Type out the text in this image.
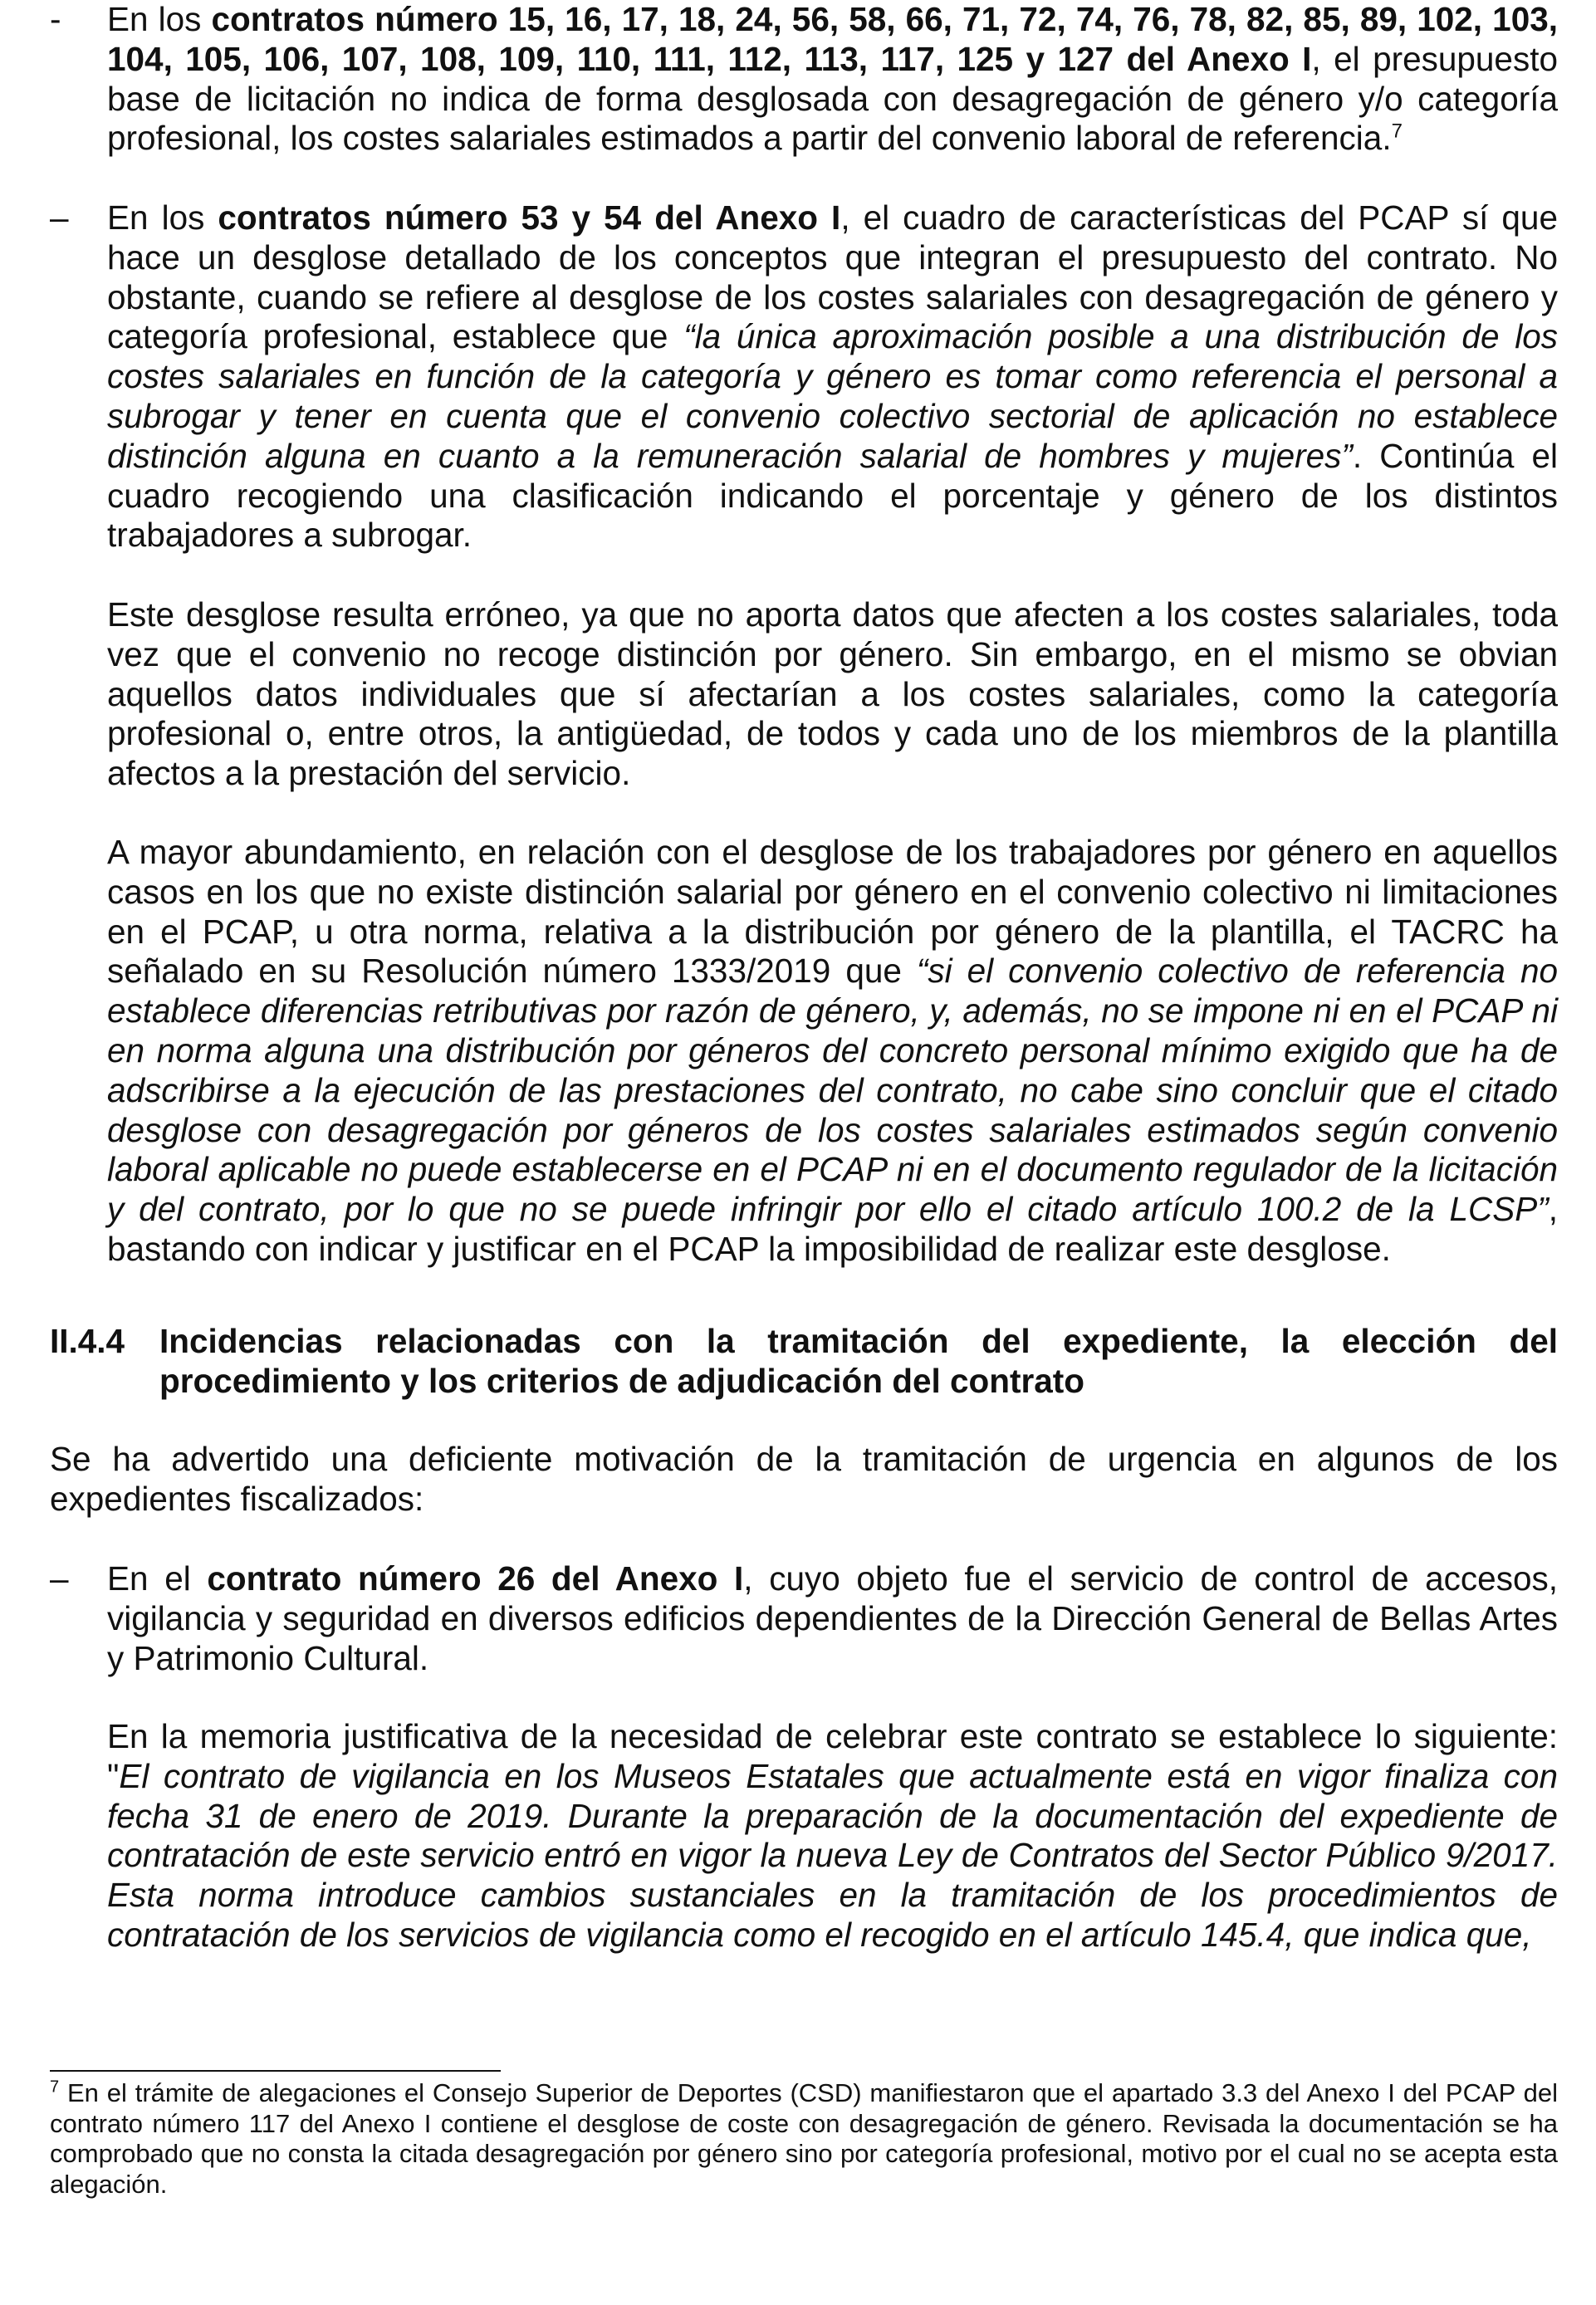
- En los contratos número 15, 16, 17, 18, 24, 56, 58, 66, 71, 72, 74, 76, 78, 82, 85, 89, 102, 103, 104, 105, 106, 107, 108, 109, 110, 111, 112, 113, 117, 125 y 127 del Anexo I, el presupuesto base de licitación no indica de forma desglosada con desagregación de género y/o categoría profesional, los costes salariales estimados a partir del convenio laboral de referencia.$^7$

– En los contratos número 53 y 54 del Anexo I, el cuadro de características del PCAP sí que hace un desglose detallado de los conceptos que integran el presupuesto del contrato. No obstante, cuando se refiere al desglose de los costes salariales con desagregación de género y categoría profesional, establece que “la única aproximación posible a una distribución de los costes salariales en función de la categoría y género es tomar como referencia el personal a subrogar y tener en cuenta que el convenio colectivo sectorial de aplicación no establece distinción alguna en cuanto a la remuneración salarial de hombres y mujeres”. Continúa el cuadro recogiendo una clasificación indicando el porcentaje y género de los distintos trabajadores a subrogar.

Este desglose resulta erróneo, ya que no aporta datos que afecten a los costes salariales, toda vez que el convenio no recoge distinción por género. Sin embargo, en el mismo se obvian aquellos datos individuales que sí afectarían a los costes salariales, como la categoría profesional o, entre otros, la antigüedad, de todos y cada uno de los miembros de la plantilla afectos a la prestación del servicio.

A mayor abundamiento, en relación con el desglose de los trabajadores por género en aquellos casos en los que no existe distinción salarial por género en el convenio colectivo ni limitaciones en el PCAP, u otra norma, relativa a la distribución por género de la plantilla, el TACRC ha señalado en su Resolución número 1333/2019 que “si el convenio colectivo de referencia no establece diferencias retributivas por razón de género, y, además, no se impone ni en el PCAP ni en norma alguna una distribución por géneros del concreto personal mínimo exigido que ha de adscribirse a la ejecución de las prestaciones del contrato, no cabe sino concluir que el citado desglose con desagregación por géneros de los costes salariales estimados según convenio laboral aplicable no puede establecerse en el PCAP ni en el documento regulador de la licitación y del contrato, por lo que no se puede infringir por ello el citado artículo 100.2 de la LCSP”, bastando con indicar y justificar en el PCAP la imposibilidad de realizar este desglose.

II.4.4 Incidencias relacionadas con la tramitación del expediente, la elección del procedimiento y los criterios de adjudicación del contrato

Se ha advertido una deficiente motivación de la tramitación de urgencia en algunos de los expedientes fiscalizados:

– En el contrato número 26 del Anexo I, cuyo objeto fue el servicio de control de accesos, vigilancia y seguridad en diversos edificios dependientes de la Dirección General de Bellas Artes y Patrimonio Cultural.

En la memoria justificativa de la necesidad de celebrar este contrato se establece lo siguiente: "El contrato de vigilancia en los Museos Estatales que actualmente está en vigor finaliza con fecha 31 de enero de 2019. Durante la preparación de la documentación del expediente de contratación de este servicio entró en vigor la nueva Ley de Contratos del Sector Público 9/2017. Esta norma introduce cambios sustanciales en la tramitación de los procedimientos de contratación de los servicios de vigilancia como el recogido en el artículo 145.4, que indica que,

$^7$ En el trámite de alegaciones el Consejo Superior de Deportes (CSD) manifiestaron que el apartado 3.3 del Anexo I del PCAP del contrato número 117 del Anexo I contiene el desglose de coste con desagregación de género. Revisada la documentación se ha comprobado que no consta la citada desagregación por género sino por categoría profesional, motivo por el cual no se acepta esta alegación.
